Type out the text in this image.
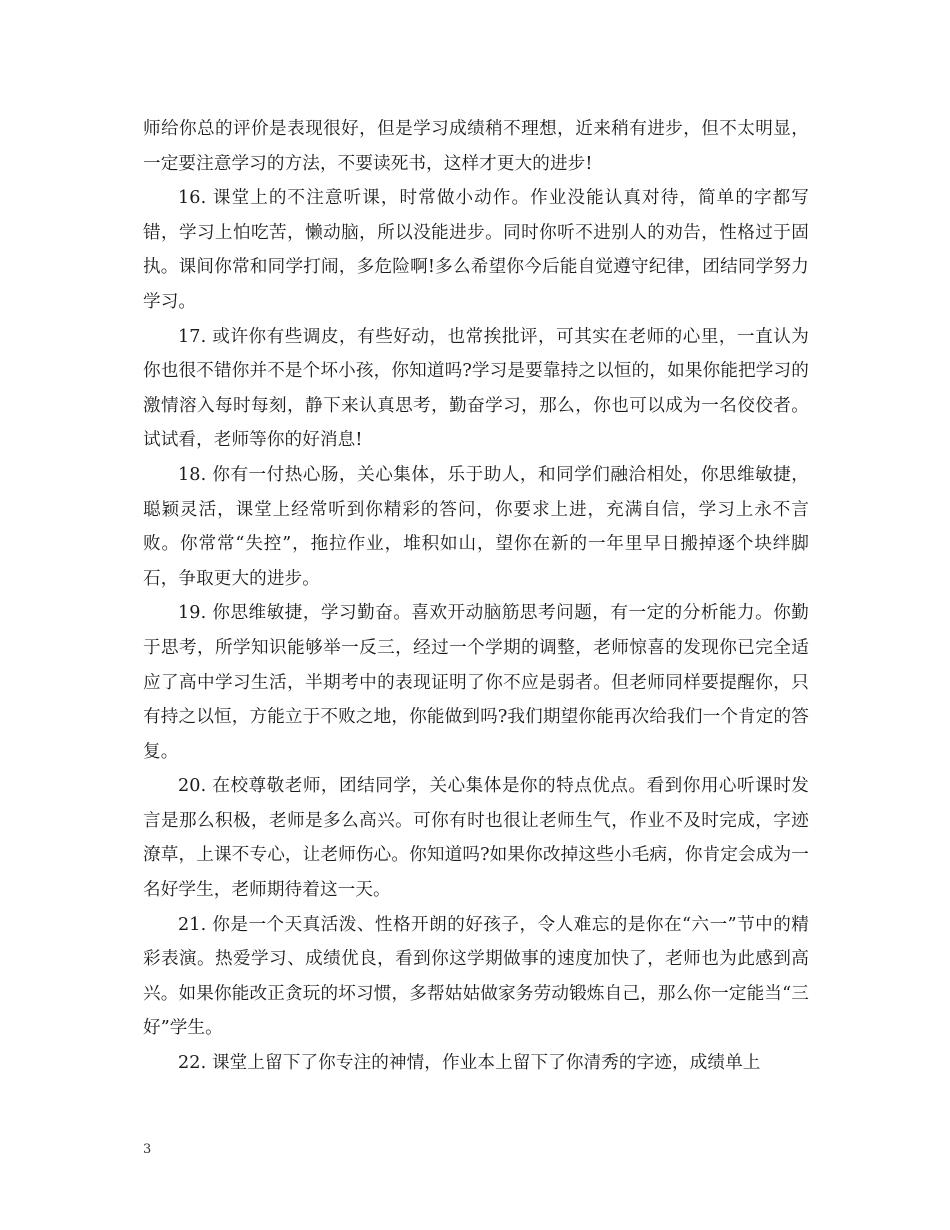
师给你总的评价是表现很好，但是学习成绩稍不理想，近来稍有进步，但不太明显，一定要注意学习的方法，不要读死书，这样才更大的进步!

16. 课堂上的不注意听课，时常做小动作。作业没能认真对待，简单的字都写错，学习上怕吃苦，懒动脑，所以没能进步。同时你听不进别人的劝告，性格过于固执。课间你常和同学打闹，多危险啊!多么希望你今后能自觉遵守纪律，团结同学努力学习。

17. 或许你有些调皮，有些好动，也常挨批评，可其实在老师的心里，一直认为你也很不错你并不是个坏小孩，你知道吗?学习是要靠持之以恒的，如果你能把学习的激情溶入每时每刻，静下来认真思考，勤奋学习，那么，你也可以成为一名佼佼者。试试看，老师等你的好消息!

18. 你有一付热心肠，关心集体，乐于助人，和同学们融洽相处，你思维敏捷，聪颖灵活，课堂上经常听到你精彩的答问，你要求上进，充满自信，学习上永不言败。你常常“失控”，拖拉作业，堆积如山，望你在新的一年里早日搬掉逐个块绊脚石，争取更大的进步。

19. 你思维敏捷，学习勤奋。喜欢开动脑筋思考问题，有一定的分析能力。你勤于思考，所学知识能够举一反三，经过一个学期的调整，老师惊喜的发现你已完全适应了高中学习生活，半期考中的表现证明了你不应是弱者。但老师同样要提醒你，只有持之以恒，方能立于不败之地，你能做到吗?我们期望你能再次给我们一个肯定的答复。

20. 在校尊敬老师，团结同学，关心集体是你的特点优点。看到你用心听课时发言是那么积极，老师是多么高兴。可你有时也很让老师生气，作业不及时完成，字迹潦草，上课不专心，让老师伤心。你知道吗?如果你改掉这些小毛病，你肯定会成为一名好学生，老师期待着这一天。

21. 你是一个天真活泼、性格开朗的好孩子，令人难忘的是你在“六一”节中的精彩表演。热爱学习、成绩优良，看到你这学期做事的速度加快了，老师也为此感到高兴。如果你能改正贪玩的坏习惯，多帮姑姑做家务劳动锻炼自己，那么你一定能当“三好”学生。

22. 课堂上留下了你专注的神情，作业本上留下了你清秀的字迹，成绩单上

3
